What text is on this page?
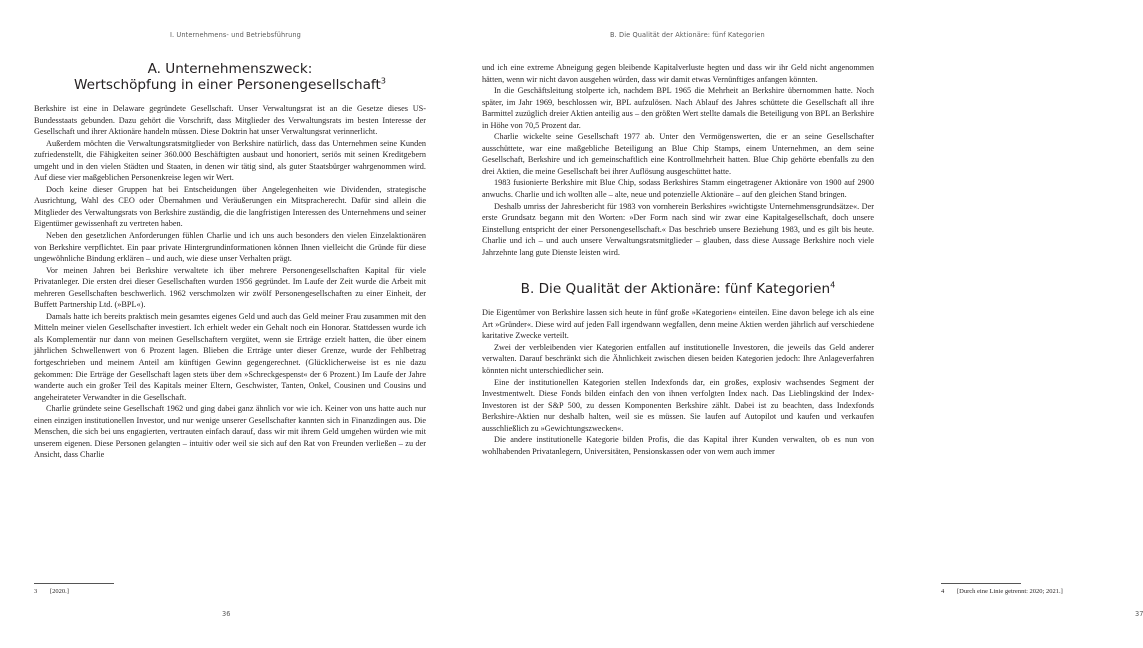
I. Unternehmens- und Betriebsführung
A. Unternehmenszweck:
Wertschöpfung in einer Personengesellschaft$^3$

Berkshire ist eine in Delaware gegründete Gesellschaft. Unser Verwaltungsrat ist an die Gesetze dieses US-Bundesstaats gebunden. Dazu gehört die Vorschrift, dass Mitglieder des Verwaltungsrats im besten Interesse der Gesellschaft und ihrer Aktionäre handeln müssen. Diese Doktrin hat unser Verwaltungsrat verinnerlicht.

Außerdem möchten die Verwaltungsratsmitglieder von Berkshire natürlich, dass das Unternehmen seine Kunden zufriedenstellt, die Fähigkeiten seiner 360.000 Beschäftigten ausbaut und honoriert, seriös mit seinen Kreditgebern umgeht und in den vielen Städten und Staaten, in denen wir tätig sind, als guter Staatsbürger wahrgenommen wird. Auf diese vier maßgeblichen Personenkreise legen wir Wert.

Doch keine dieser Gruppen hat bei Entscheidungen über Angelegenheiten wie Dividenden, strategische Ausrichtung, Wahl des CEO oder Übernahmen und Veräußerungen ein Mitspracherecht. Dafür sind allein die Mitglieder des Verwaltungsrats von Berkshire zuständig, die die langfristigen Interessen des Unternehmens und seiner Eigentümer gewissenhaft zu vertreten haben.

Neben den gesetzlichen Anforderungen fühlen Charlie und ich uns auch besonders den vielen Einzelaktionären von Berkshire verpflichtet. Ein paar private Hintergrundinformationen können Ihnen vielleicht die Gründe für diese ungewöhnliche Bindung erklären – und auch, wie diese unser Verhalten prägt.

Vor meinen Jahren bei Berkshire verwaltete ich über mehrere Personengesellschaften Kapital für viele Privatanleger. Die ersten drei dieser Gesellschaften wurden 1956 gegründet. Im Laufe der Zeit wurde die Arbeit mit mehreren Gesellschaften beschwerlich. 1962 verschmolzen wir zwölf Personengesellschaften zu einer Einheit, der Buffett Partnership Ltd. (»BPL«).

Damals hatte ich bereits praktisch mein gesamtes eigenes Geld und auch das Geld meiner Frau zusammen mit den Mitteln meiner vielen Gesellschafter investiert. Ich erhielt weder ein Gehalt noch ein Honorar. Stattdessen wurde ich als Komplementär nur dann von meinen Gesellschaftern vergütet, wenn sie Erträge erzielt hatten, die über einem jährlichen Schwellenwert von 6 Prozent lagen. Blieben die Erträge unter dieser Grenze, wurde der Fehlbetrag fortgeschrieben und meinem Anteil am künftigen Gewinn gegengerechnet. (Glücklicherweise ist es nie dazu gekommen: Die Erträge der Gesellschaft lagen stets über dem »Schreckgespenst« der 6 Prozent.) Im Laufe der Jahre wanderte auch ein großer Teil des Kapitals meiner Eltern, Geschwister, Tanten, Onkel, Cousinen und Cousins und angeheirateter Verwandter in die Gesellschaft.

Charlie gründete seine Gesellschaft 1962 und ging dabei ganz ähnlich vor wie ich. Keiner von uns hatte auch nur einen einzigen institutionellen Investor, und nur wenige unserer Gesellschafter kannten sich in Finanzdingen aus. Die Menschen, die sich bei uns engagierten, vertrauten einfach darauf, dass wir mit ihrem Geld umgehen würden wie mit unserem eigenen. Diese Personen gelangten – intuitiv oder weil sie sich auf den Rat von Freunden verließen – zu der Ansicht, dass Charlie

3 [2020.]
36
B. Die Qualität der Aktionäre: fünf Kategorien
4 [Durch eine Linie getrennt: 2020; 2021.]
37

und ich eine extreme Abneigung gegen bleibende Kapitalverluste hegten und dass wir ihr Geld nicht angenommen hätten, wenn wir nicht davon ausgehen würden, dass wir damit etwas Vernünftiges anfangen könnten.

In die Geschäftsleitung stolperte ich, nachdem BPL 1965 die Mehrheit an Berkshire übernommen hatte. Noch später, im Jahr 1969, beschlossen wir, BPL aufzulösen. Nach Ablauf des Jahres schüttete die Gesellschaft all ihre Barmittel zuzüglich dreier Aktien anteilig aus – den größten Wert stellte damals die Beteiligung von BPL an Berkshire in Höhe von 70,5 Prozent dar.

Charlie wickelte seine Gesellschaft 1977 ab. Unter den Vermögenswerten, die er an seine Gesellschafter ausschüttete, war eine maßgebliche Beteiligung an Blue Chip Stamps, einem Unternehmen, an dem seine Gesellschaft, Berkshire und ich gemeinschaftlich eine Kontrollmehrheit hatten. Blue Chip gehörte ebenfalls zu den drei Aktien, die meine Gesellschaft bei ihrer Auflösung ausgeschüttet hatte.

1983 fusionierte Berkshire mit Blue Chip, sodass Berkshires Stamm eingetragener Aktionäre von 1900 auf 2900 anwuchs. Charlie und ich wollten alle – alte, neue und potenzielle Aktionäre – auf den gleichen Stand bringen.

Deshalb umriss der Jahresbericht für 1983 von vornherein Berkshires »wichtigste Unternehmensgrundsätze«. Der erste Grundsatz begann mit den Worten: »Der Form nach sind wir zwar eine Kapitalgesellschaft, doch unsere Einstellung entspricht der einer Personengesellschaft.« Das beschrieb unsere Beziehung 1983, und es gilt bis heute. Charlie und ich – und auch unsere Verwaltungsratsmitglieder – glauben, dass diese Aussage Berkshire noch viele Jahrzehnte lang gute Dienste leisten wird.

B. Die Qualität der Aktionäre: fünf Kategorien$^4$

Die Eigentümer von Berkshire lassen sich heute in fünf große »Kategorien« einteilen. Eine davon belege ich als eine Art »Gründer«. Diese wird auf jeden Fall irgendwann wegfallen, denn meine Aktien werden jährlich auf verschiedene karitative Zwecke verteilt.

Zwei der verbleibenden vier Kategorien entfallen auf institutionelle Investoren, die jeweils das Geld anderer verwalten. Darauf beschränkt sich die Ähnlichkeit zwischen diesen beiden Kategorien jedoch: Ihre Anlageverfahren könnten nicht unterschiedlicher sein.

Eine der institutionellen Kategorien stellen Indexfonds dar, ein großes, explosiv wachsendes Segment der Investmentwelt. Diese Fonds bilden einfach den von ihnen verfolgten Index nach. Das Lieblingskind der Index-Investoren ist der S&P 500, zu dessen Komponenten Berkshire zählt. Dabei ist zu beachten, dass Indexfonds Berkshire-Aktien nur deshalb halten, weil sie es müssen. Sie laufen auf Autopilot und kaufen und verkaufen ausschließlich zu »Gewichtungszwecken«.

Die andere institutionelle Kategorie bilden Profis, die das Kapital ihrer Kunden verwalten, ob es nun von wohlhabenden Privatanlegern, Universitäten, Pensionskassen oder von wem auch immer
